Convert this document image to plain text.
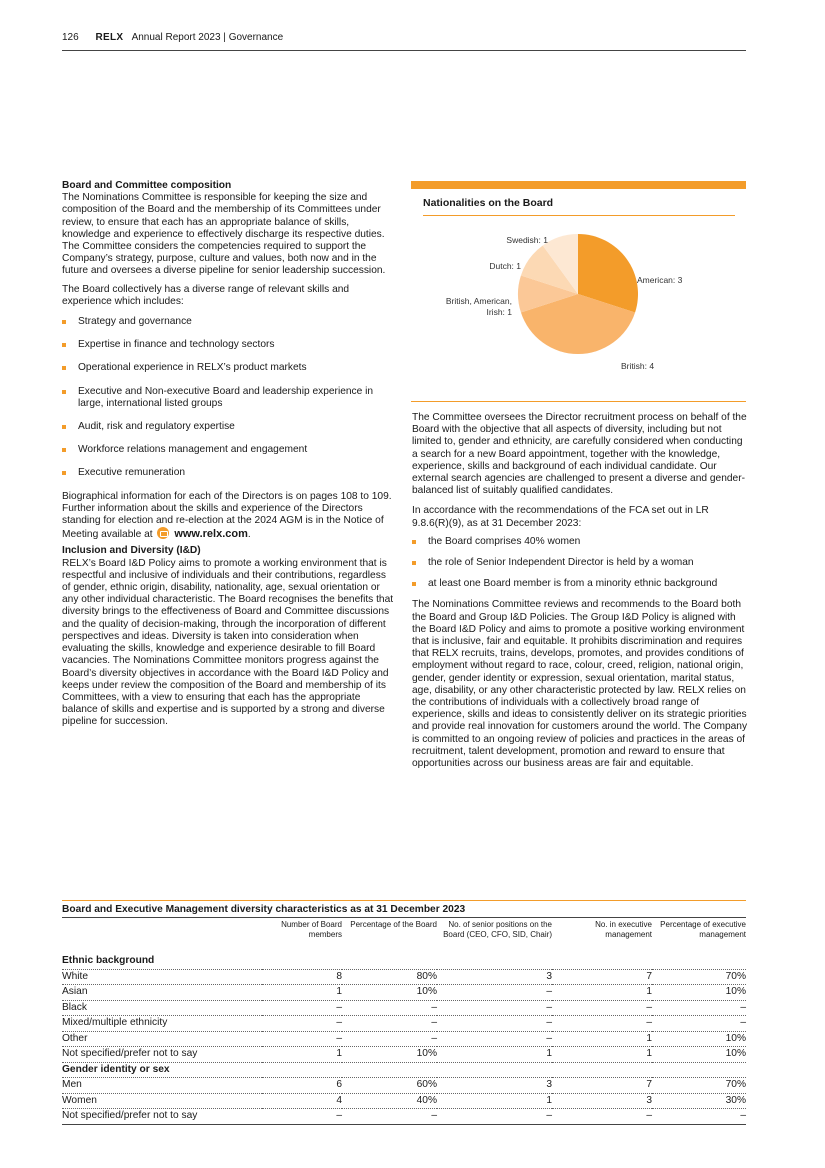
126 RELX Annual Report 2023 | Governance
Board and Committee composition

The Nominations Committee is responsible for keeping the size and composition of the Board and the membership of its Committees under review, to ensure that each has an appropriate balance of skills, knowledge and experience to effectively discharge its respective duties. The Committee considers the competencies required to support the Company’s strategy, purpose, culture and values, both now and in the future and oversees a diverse pipeline for senior leadership succession.

The Board collectively has a diverse range of relevant skills and experience which includes:

Strategy and governance
Expertise in finance and technology sectors
Operational experience in RELX’s product markets
Executive and Non-executive Board and leadership experience in large, international listed groups
Audit, risk and regulatory expertise
Workforce relations management and engagement
Executive remuneration

Biographical information for each of the Directors is on pages 108 to 109. Further information about the skills and experience of the Directors standing for election and re-election at the 2024 AGM is in the Notice of Meeting available at www.relx.com.

Inclusion and Diversity (I&D)

RELX’s Board I&D Policy aims to promote a working environment that is respectful and inclusive of individuals and their contributions, regardless of gender, ethnic origin, disability, nationality, age, sexual orientation or any other individual characteristic. The Board recognises the benefits that diversity brings to the effectiveness of Board and Committee discussions and the quality of decision-making, through the incorporation of different perspectives and ideas. Diversity is taken into consideration when evaluating the skills, knowledge and experience desirable to fill Board vacancies. The Nominations Committee monitors progress against the Board’s diversity objectives in accordance with the Board I&D Policy and keeps under review the composition of the Board and membership of its Committees, with a view to ensuring that each has the appropriate balance of skills and expertise and is supported by a strong and diverse pipeline for succession.

Nationalities on the Board
American: 3
British: 4
British, American, Irish: 1
Dutch: 1
Swedish: 1

The Committee oversees the Director recruitment process on behalf of the Board with the objective that all aspects of diversity, including but not limited to, gender and ethnicity, are carefully considered when conducting a search for a new Board appointment, together with the knowledge, experience, skills and background of each individual candidate. Our external search agencies are challenged to present a diverse and gender-balanced list of suitably qualified candidates.

In accordance with the recommendations of the FCA set out in LR 9.8.6(R)(9), as at 31 December 2023:

the Board comprises 40% women
the role of Senior Independent Director is held by a woman
at least one Board member is from a minority ethnic background

The Nominations Committee reviews and recommends to the Board both the Board and Group I&D Policies. The Group I&D Policy is aligned with the Board I&D Policy and aims to promote a positive working environment that is inclusive, fair and equitable. It prohibits discrimination and requires that RELX recruits, trains, develops, promotes, and provides conditions of employment without regard to race, colour, creed, religion, national origin, gender, gender identity or expression, sexual orientation, marital status, age, disability, or any other characteristic protected by law. RELX relies on the contributions of individuals with a collectively broad range of experience, skills and ideas to consistently deliver on its strategic priorities and provide real innovation for customers around the world. The Company is committed to an ongoing review of policies and practices in the areas of recruitment, talent development, promotion and reward to ensure that opportunities across our business areas are fair and equitable.

Board and Executive Management diversity characteristics as at 31 December 2023
	Number of Board members	Percentage of the Board	No. of senior positions on the Board (CEO, CFO, SID, Chair)	No. in executive management	Percentage of executive management
Ethnic background					
White	8	80%	3	7	70%
Asian	1	10%	–	1	10%
Black	–	–	–	–	–
Mixed/multiple ethnicity	–	–	–	–	–
Other	–	–	–	1	10%
Not specified/prefer not to say	1	10%	1	1	10%
Gender identity or sex					
Men	6	60%	3	7	70%
Women	4	40%	1	3	30%
Not specified/prefer not to say	–	–	–	–	–
